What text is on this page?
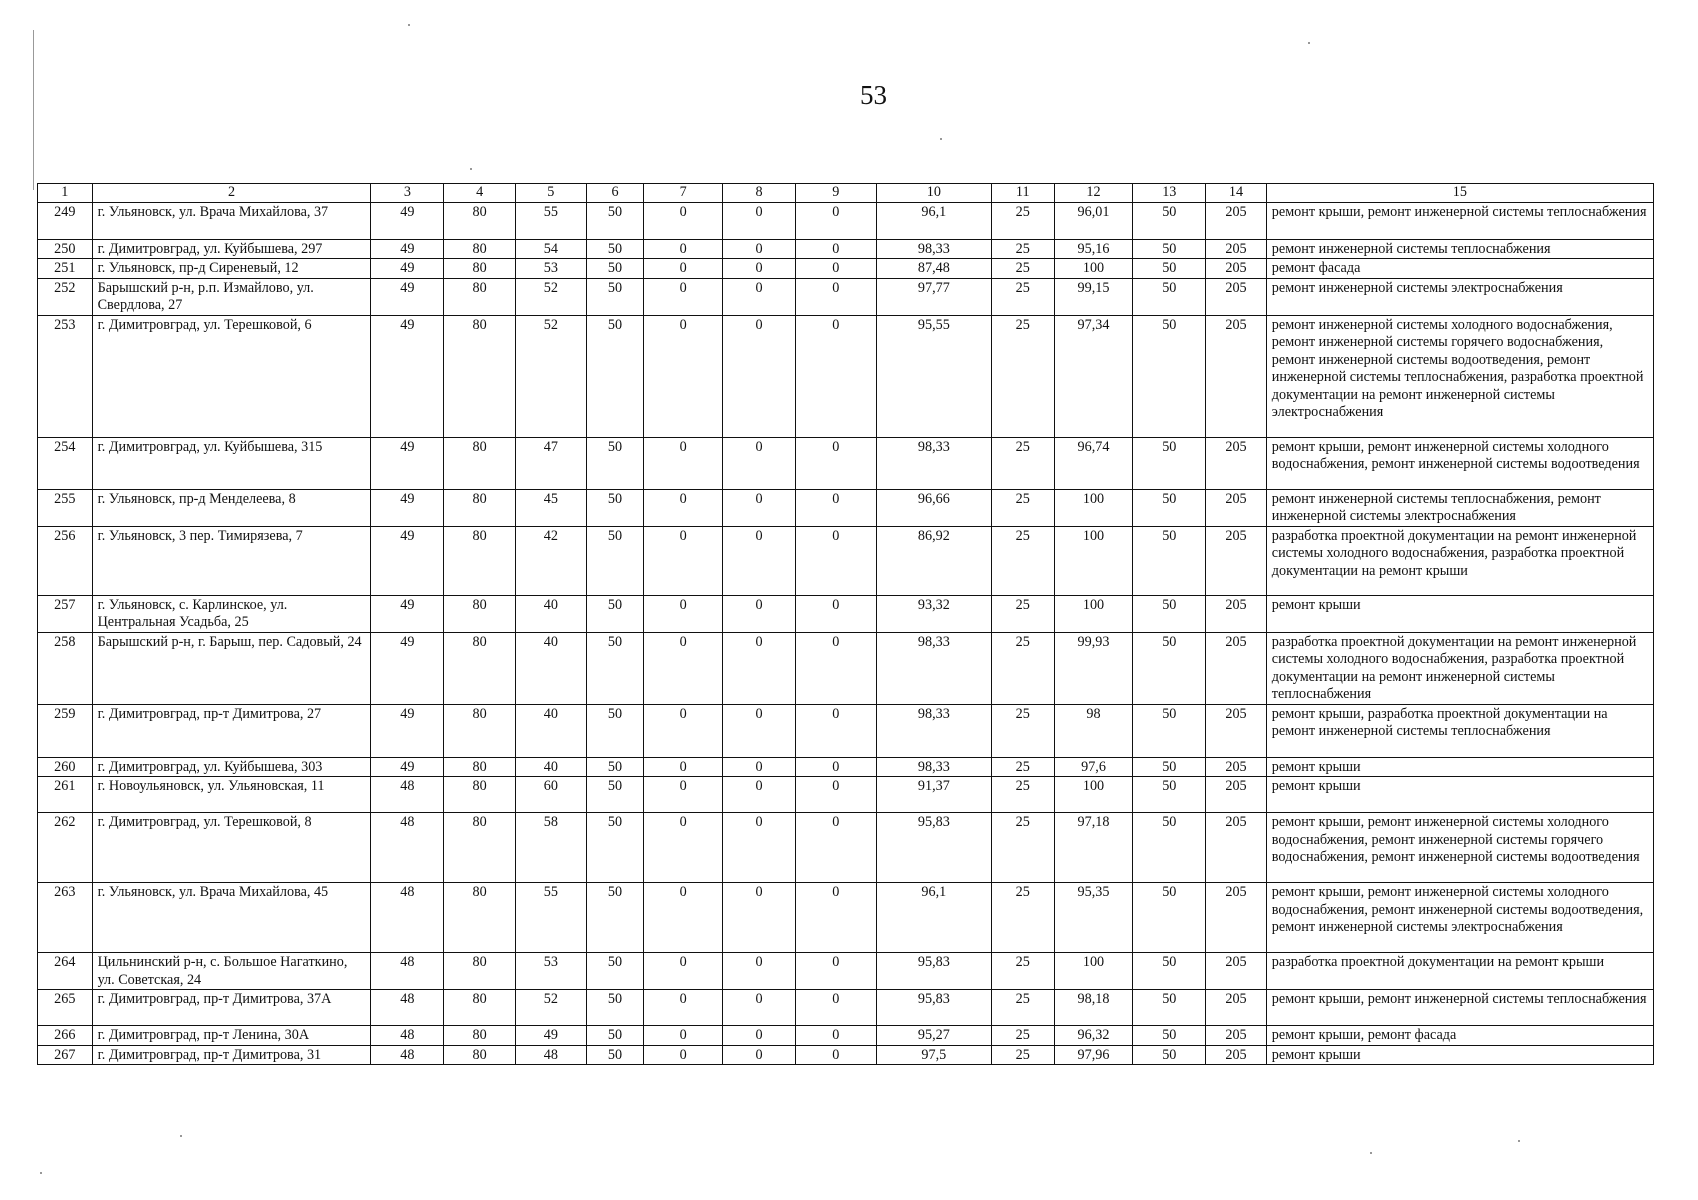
53
1	2	3	4	5	6	7	8	9	10	11	12	13	14	15
249	г. Ульяновск, ул. Врача Михайлова, 37	49	80	55	50	0	0	0	96,1	25	96,01	50	205	ремонт крыши, ремонт инженерной системы теплоснабжения
250	г. Димитровград, ул. Куйбышева, 297	49	80	54	50	0	0	0	98,33	25	95,16	50	205	ремонт инженерной системы теплоснабжения
251	г. Ульяновск, пр-д Сиреневый, 12	49	80	53	50	0	0	0	87,48	25	100	50	205	ремонт фасада
252	Барышский р-н, р.п. Измайлово, ул. Свердлова, 27	49	80	52	50	0	0	0	97,77	25	99,15	50	205	ремонт инженерной системы электроснабжения
253	г. Димитровград, ул. Терешковой, 6	49	80	52	50	0	0	0	95,55	25	97,34	50	205	ремонт инженерной системы холодного водоснабжения, ремонт инженерной системы горячего водоснабжения, ремонт инженерной системы водоотведения, ремонт инженерной системы теплоснабжения, разработка проектной документации на ремонт инженерной системы электроснабжения
254	г. Димитровград, ул. Куйбышева, 315	49	80	47	50	0	0	0	98,33	25	96,74	50	205	ремонт крыши, ремонт инженерной системы холодного водоснабжения, ремонт инженерной системы водоотведения
255	г. Ульяновск, пр-д Менделеева, 8	49	80	45	50	0	0	0	96,66	25	100	50	205	ремонт инженерной системы теплоснабжения, ремонт инженерной системы электроснабжения
256	г. Ульяновск, 3 пер. Тимирязева, 7	49	80	42	50	0	0	0	86,92	25	100	50	205	разработка проектной документации на ремонт инженерной системы холодного водоснабжения, разработка проектной документации на ремонт крыши
257	г. Ульяновск, с. Карлинское, ул. Центральная Усадьба, 25	49	80	40	50	0	0	0	93,32	25	100	50	205	ремонт крыши
258	Барышский р-н, г. Барыш, пер. Садовый, 24	49	80	40	50	0	0	0	98,33	25	99,93	50	205	разработка проектной документации на ремонт инженерной системы холодного водоснабжения, разработка проектной документации на ремонт инженерной системы теплоснабжения
259	г. Димитровград, пр-т Димитрова, 27	49	80	40	50	0	0	0	98,33	25	98	50	205	ремонт крыши, разработка проектной документации на ремонт инженерной системы теплоснабжения
260	г. Димитровград, ул. Куйбышева, 303	49	80	40	50	0	0	0	98,33	25	97,6	50	205	ремонт крыши
261	г. Новоульяновск, ул. Ульяновская, 11	48	80	60	50	0	0	0	91,37	25	100	50	205	ремонт крыши
262	г. Димитровград, ул. Терешковой, 8	48	80	58	50	0	0	0	95,83	25	97,18	50	205	ремонт крыши, ремонт инженерной системы холодного водоснабжения, ремонт инженерной системы горячего водоснабжения, ремонт инженерной системы водоотведения
263	г. Ульяновск, ул. Врача Михайлова, 45	48	80	55	50	0	0	0	96,1	25	95,35	50	205	ремонт крыши, ремонт инженерной системы холодного водоснабжения, ремонт инженерной системы водоотведения, ремонт инженерной системы электроснабжения
264	Цильнинский р-н, с. Большое Нагаткино, ул. Советская, 24	48	80	53	50	0	0	0	95,83	25	100	50	205	разработка проектной документации на ремонт крыши
265	г. Димитровград, пр-т Димитрова, 37А	48	80	52	50	0	0	0	95,83	25	98,18	50	205	ремонт крыши, ремонт инженерной системы теплоснабжения
266	г. Димитровград, пр-т Ленина, 30А	48	80	49	50	0	0	0	95,27	25	96,32	50	205	ремонт крыши, ремонт фасада
267	г. Димитровград, пр-т Димитрова, 31	48	80	48	50	0	0	0	97,5	25	97,96	50	205	ремонт крыши
